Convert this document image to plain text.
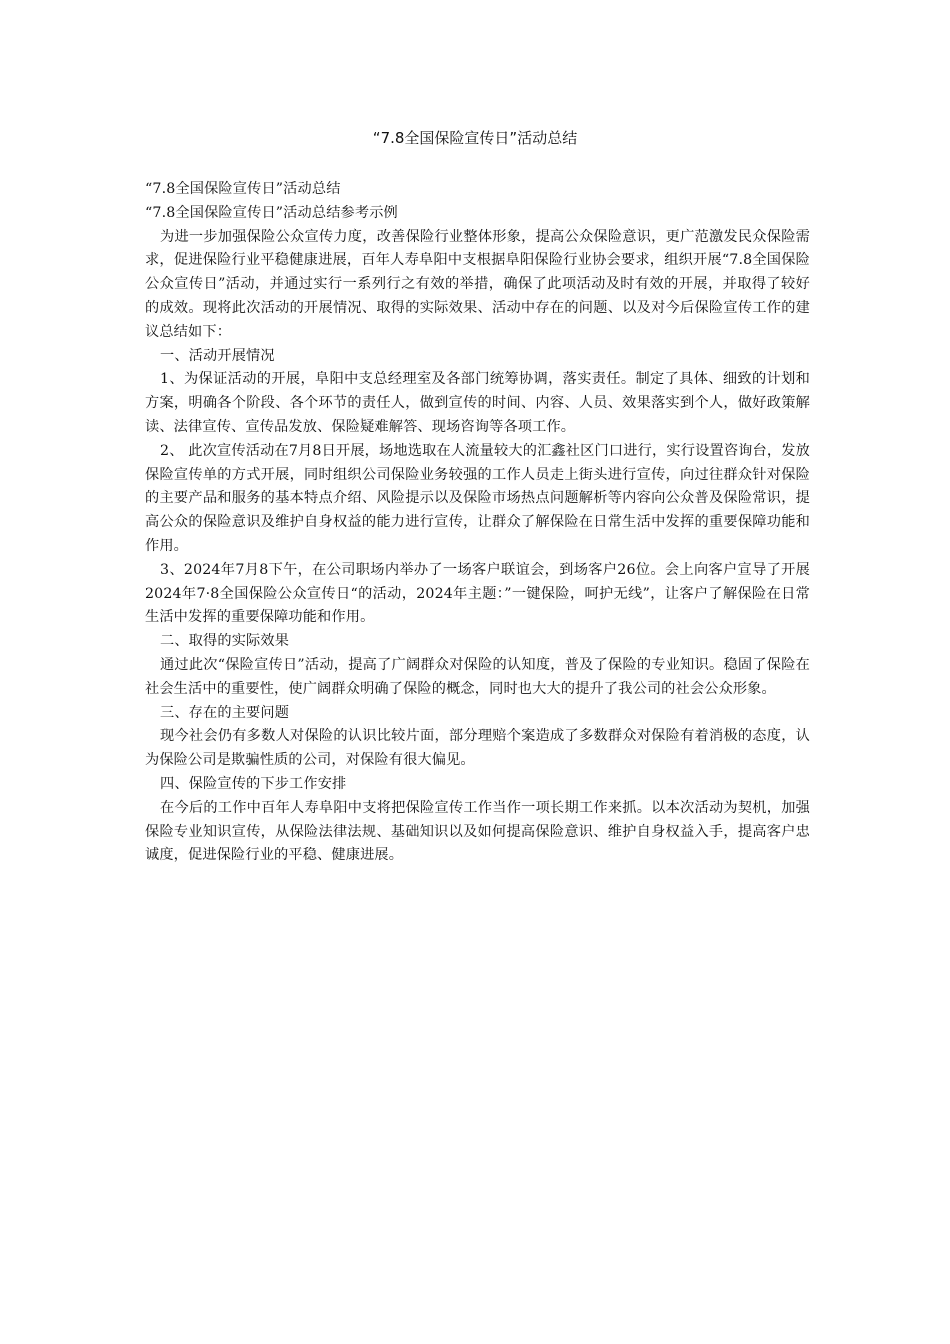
“7.8全国保险宣传日”活动总结

“7.8全国保险宣传日”活动总结

“7.8全国保险宣传日”活动总结参考示例

为进一步加强保险公众宣传力度，改善保险行业整体形象，提高公众保险意识，更广范激发民众保险需求，促进保险行业平稳健康进展，百年人寿阜阳中支根据阜阳保险行业协会要求，组织开展“7.8全国保险公众宣传日”活动，并通过实行一系列行之有效的举措，确保了此项活动及时有效的开展，并取得了较好的成效。现将此次活动的开展情况、取得的实际效果、活动中存在的问题、以及对今后保险宣传工作的建议总结如下：

一、活动开展情况

1、为保证活动的开展，阜阳中支总经理室及各部门统筹协调，落实责任。制定了具体、细致的计划和方案，明确各个阶段、各个环节的责任人，做到宣传的时间、内容、人员、效果落实到个人，做好政策解读、法律宣传、宣传品发放、保险疑难解答、现场咨询等各项工作。

2、 此次宣传活动在7月8日开展，场地选取在人流量较大的汇鑫社区门口进行，实行设置咨询台，发放保险宣传单的方式开展，同时组织公司保险业务较强的工作人员走上街头进行宣传，向过往群众针对保险的主要产品和服务的基本特点介绍、风险提示以及保险市场热点问题解析等内容向公众普及保险常识，提高公众的保险意识及维护自身权益的能力进行宣传，让群众了解保险在日常生活中发挥的重要保障功能和作用。

3、2024年7月8下午，在公司职场内举办了一场客户联谊会，到场客户26位。会上向客户宣导了开展2024年7·8全国保险公众宣传日“的活动，2024年主题：”一键保险，呵护无线”，让客户了解保险在日常生活中发挥的重要保障功能和作用。

二、取得的实际效果

通过此次“保险宣传日”活动，提高了广阔群众对保险的认知度，普及了保险的专业知识。稳固了保险在社会生活中的重要性，使广阔群众明确了保险的概念，同时也大大的提升了我公司的社会公众形象。

三、存在的主要问题

现今社会仍有多数人对保险的认识比较片面，部分理赔个案造成了多数群众对保险有着消极的态度，认为保险公司是欺骗性质的公司，对保险有很大偏见。

四、保险宣传的下步工作安排

在今后的工作中百年人寿阜阳中支将把保险宣传工作当作一项长期工作来抓。以本次活动为契机，加强保险专业知识宣传，从保险法律法规、基础知识以及如何提高保险意识、维护自身权益入手，提高客户忠诚度，促进保险行业的平稳、健康进展。
